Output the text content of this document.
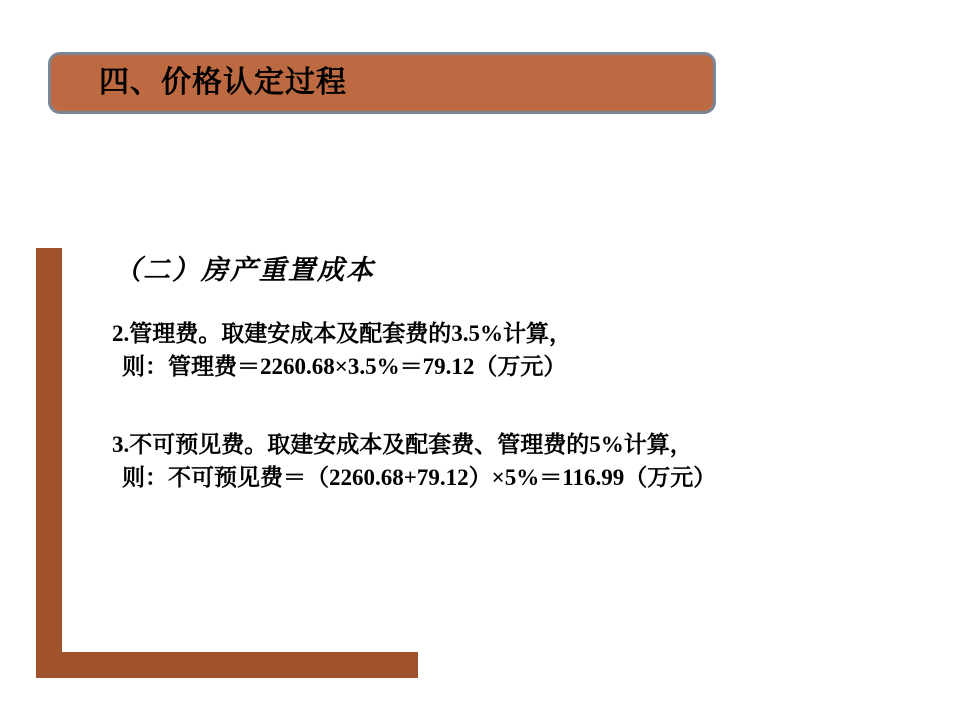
四、价格认定过程
（二）房产重置成本
2.管理费。取建安成本及配套费的3.5%计算，
则：管理费＝2260.68×3.5%＝79.12（万元）
3.不可预见费。取建安成本及配套费、管理费的5%计算，
则：不可预见费＝（2260.68+79.12）×5%＝116.99（万元）
